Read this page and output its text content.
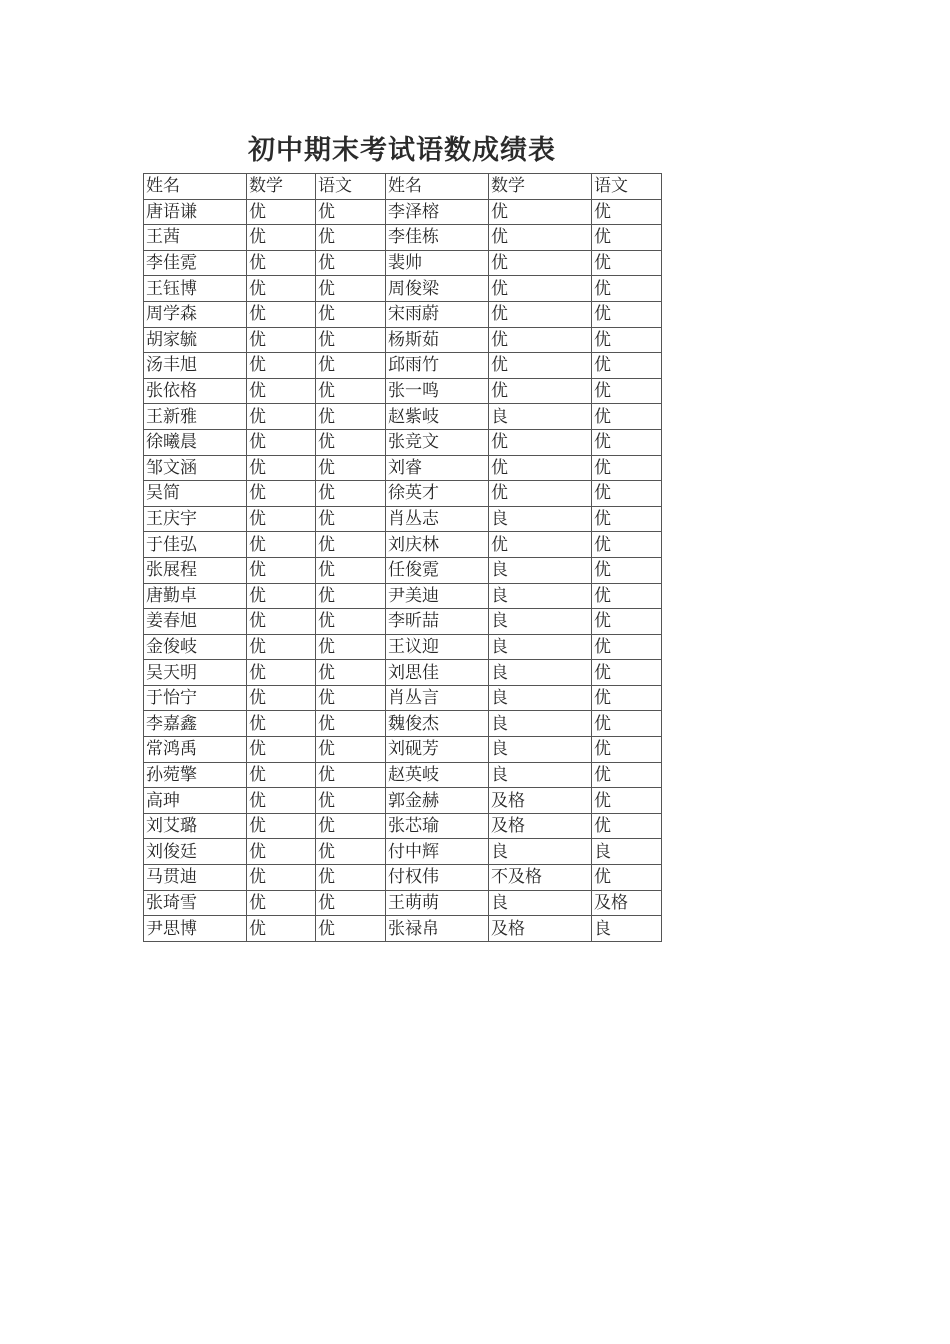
初中期末考试语数成绩表
姓名	数学	语文	姓名	数学	语文
唐语谦	优	优	李泽榕	优	优
王茜	优	优	李佳栋	优	优
李佳霓	优	优	裴帅	优	优
王钰博	优	优	周俊梁	优	优
周学森	优	优	宋雨蔚	优	优
胡家毓	优	优	杨斯茹	优	优
汤丰旭	优	优	邱雨竹	优	优
张依格	优	优	张一鸣	优	优
王新雅	优	优	赵紫岐	良	优
徐曦晨	优	优	张竞文	优	优
邹文涵	优	优	刘睿	优	优
吴简	优	优	徐英才	优	优
王庆宇	优	优	肖丛志	良	优
于佳弘	优	优	刘庆林	优	优
张展程	优	优	任俊霓	良	优
唐勤卓	优	优	尹美迪	良	优
姜春旭	优	优	李昕喆	良	优
金俊岐	优	优	王议迎	良	优
吴天明	优	优	刘思佳	良	优
于怡宁	优	优	肖丛言	良	优
李嘉鑫	优	优	魏俊杰	良	优
常鸿禹	优	优	刘砚芳	良	优
孙菀擎	优	优	赵英岐	良	优
高珅	优	优	郭金赫	及格	优
刘艾璐	优	优	张芯瑜	及格	优
刘俊廷	优	优	付中辉	良	良
马贯迪	优	优	付权伟	不及格	优
张琦雪	优	优	王萌萌	良	及格
尹思博	优	优	张禄帛	及格	良
